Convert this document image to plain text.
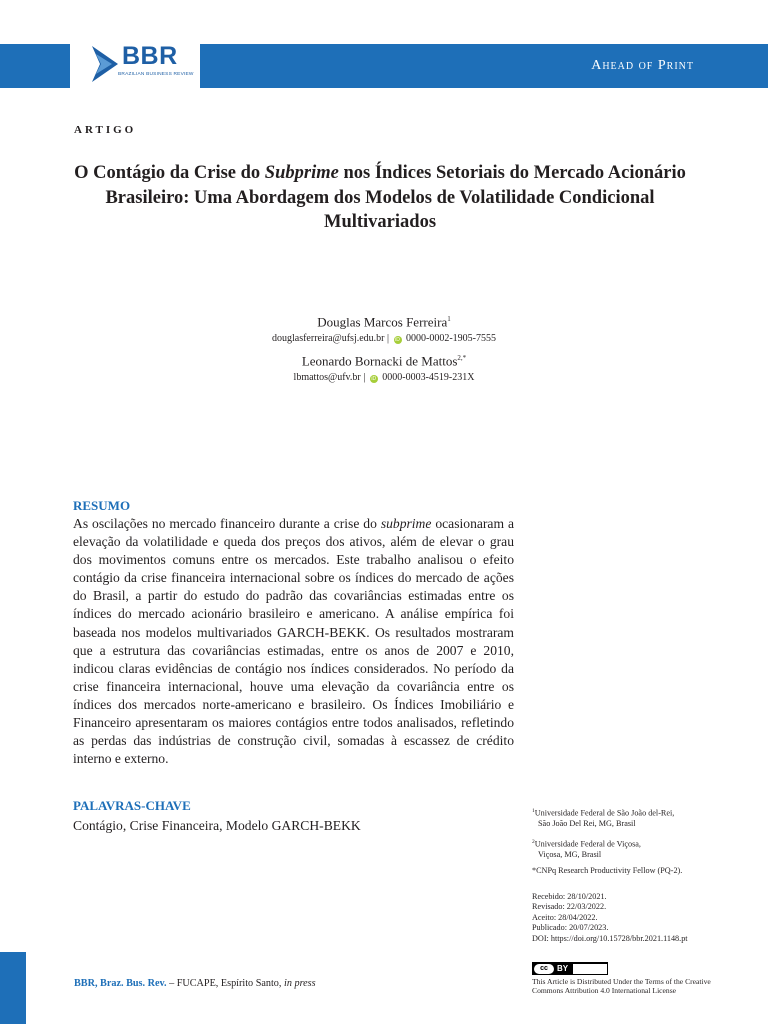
BBR
BRAZILIAN BUSINESS REVIEW
Ahead of Print
ARTIGO
O Contágio da Crise do Subprime nos Índices Setoriais do Mercado Acionário Brasileiro: Uma Abordagem dos Modelos de Volatilidade Condicional Multivariados
Douglas Marcos Ferreira$^1$
douglasferreira@ufsj.edu.br | iD 0000-0002-1905-7555
Leonardo Bornacki de Mattos$^{2,*}$
lbmattos@ufv.br | iD 0000-0003-4519-231X
RESUMO
As oscilações no mercado financeiro durante a crise do subprime ocasionaram a elevação da volatilidade e queda dos preços dos ativos, além de elevar o grau dos movimentos comuns entre os mercados. Este trabalho analisou o efeito contágio da crise financeira internacional sobre os índices do mercado de ações do Brasil, a partir do estudo do padrão das covariâncias estimadas entre os índices do mercado acionário brasileiro e americano. A análise empírica foi baseada nos modelos multivariados GARCH-BEKK. Os resultados mostraram que a estrutura das covariâncias estimadas, entre os anos de 2007 e 2010, indicou claras evidências de contágio nos índices considerados. No período da crise financeira internacional, houve uma elevação da covariância entre os índices dos mercados norte-americano e brasileiro. Os Índices Imobiliário e Financeiro apresentaram os maiores contágios entre todos analisados, refletindo as perdas das indústrias de construção civil, somadas à escassez de crédito interno e externo.
PALAVRAS-CHAVE
Contágio, Crise Financeira, Modelo GARCH-BEKK
$^1$Universidade Federal de São João del-Rei,
São João Del Rei, MG, Brasil
$^2$Universidade Federal de Viçosa,
Viçosa, MG, Brasil
*CNPq Research Productivity Fellow (PQ-2).
Recebido: 28/10/2021.
Revisado: 22/03/2022.
Aceito: 28/04/2022.
Publicado: 20/07/2023.
DOI: https://doi.org/10.15728/bbr.2021.1148.pt
BBR, Braz. Bus. Rev. – FUCAPE, Espírito Santo, in press
cc	BY
This Article is Distributed Under the Terms of the Creative
Commons Attribution 4.0 International License
